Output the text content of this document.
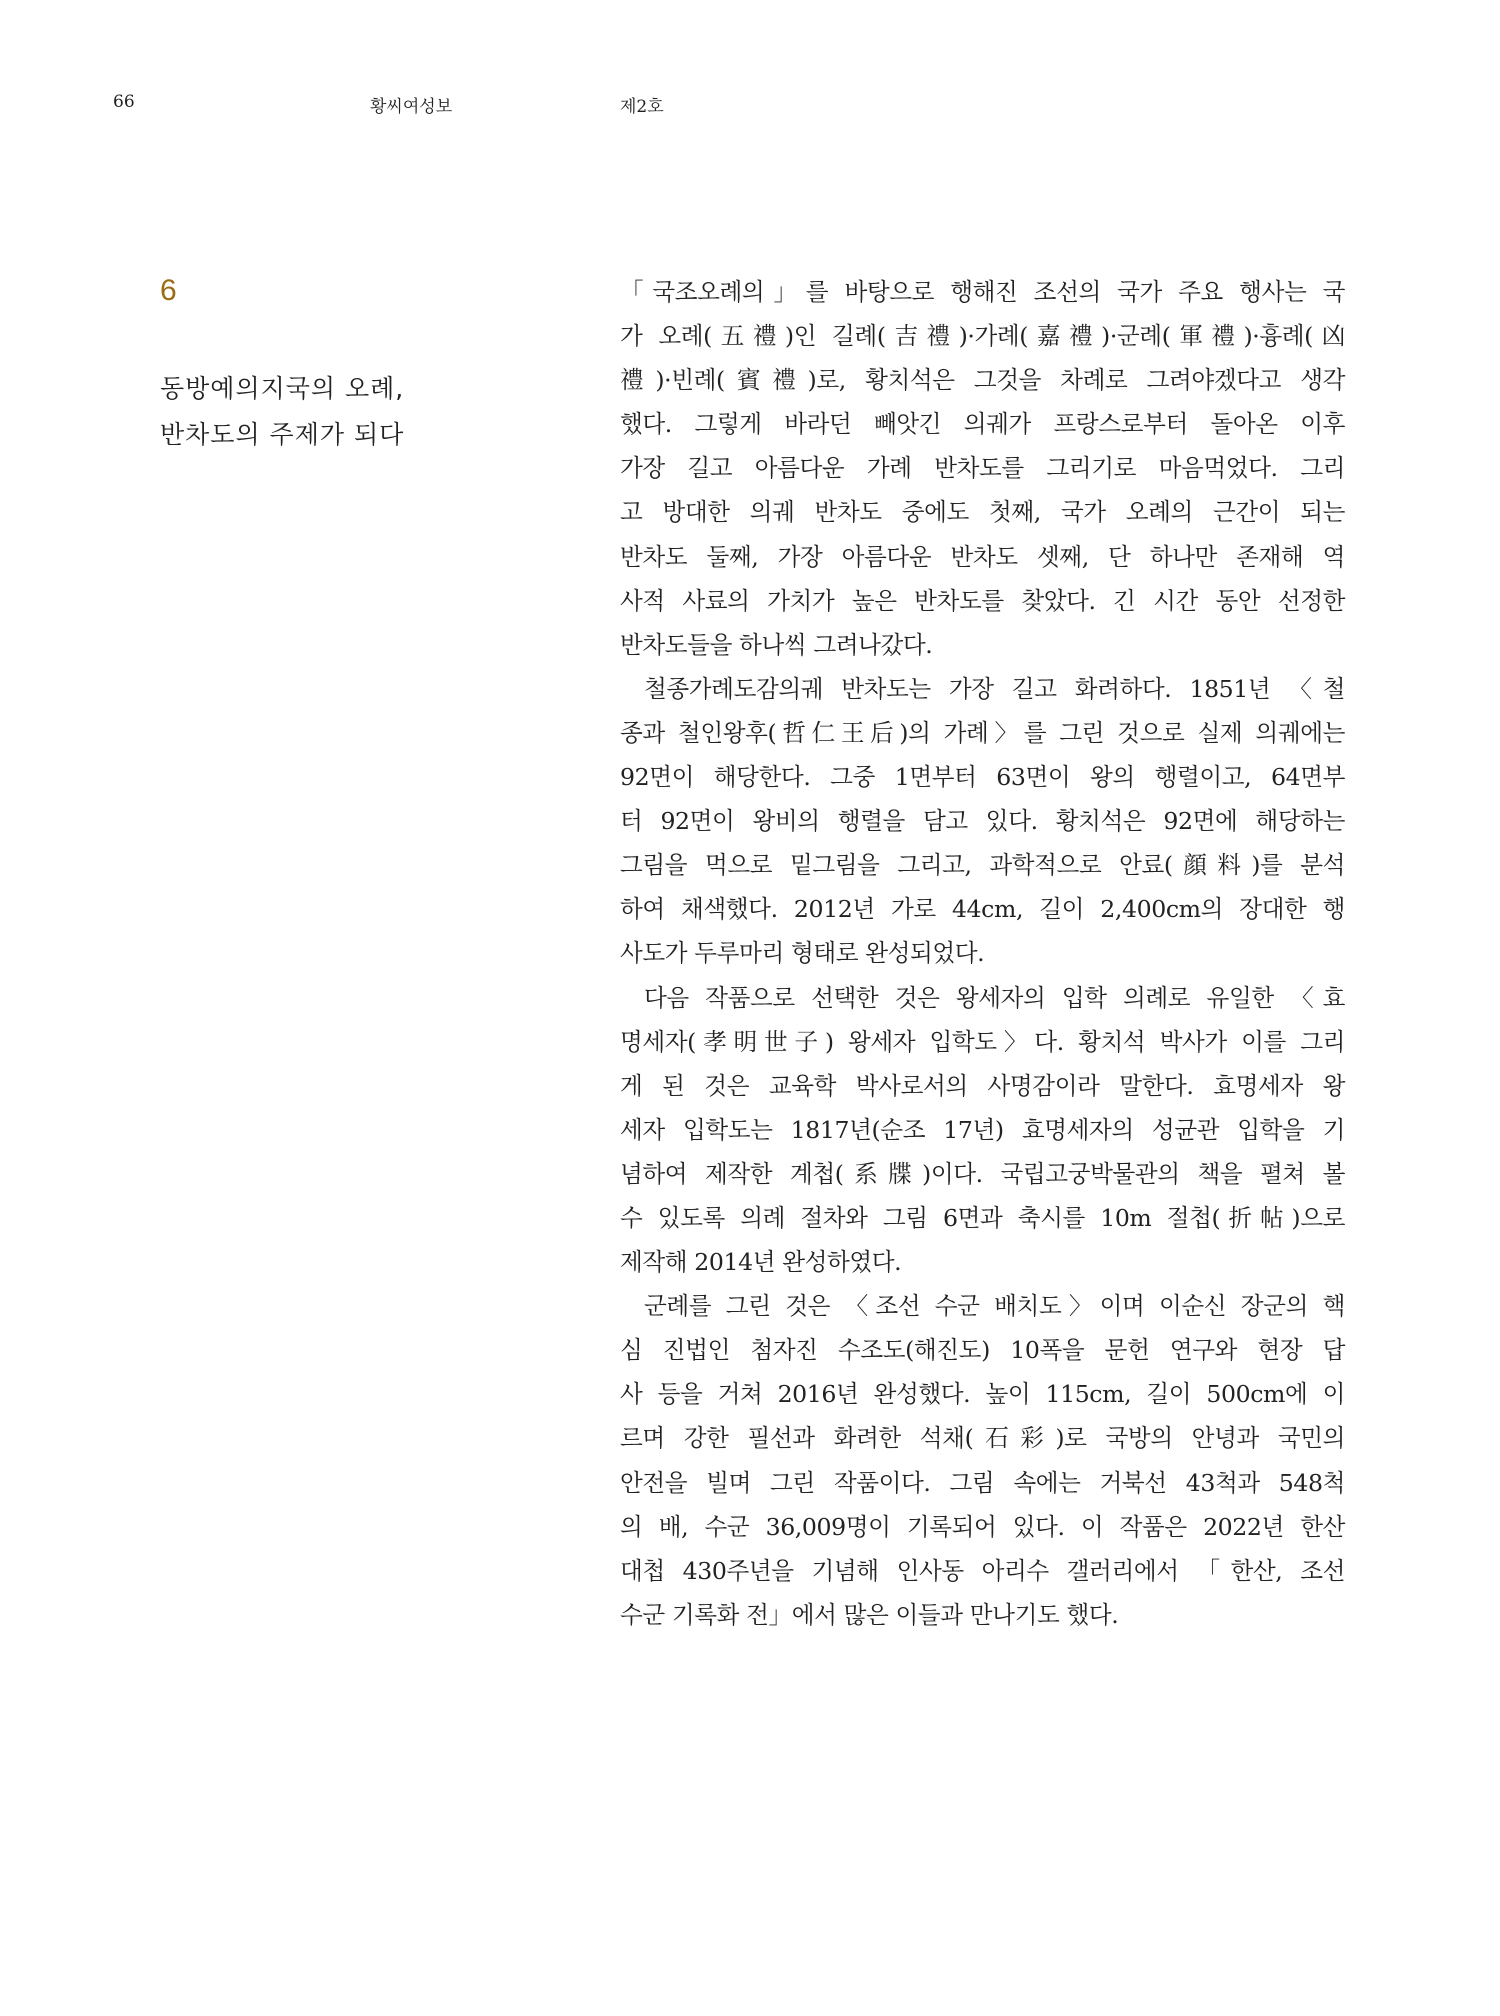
66	황씨여성보	제2호
6
동방예의지국의 오례,
반차도의 주제가 되다
「국조오례의」를 바탕으로 행해진 조선의 국가 주요 행사는 국
가 오례(五禮)인 길례(吉禮)·가례(嘉禮)·군례(軍禮)·흉례(凶
禮)·빈례(賓禮)로, 황치석은 그것을 차례로 그려야겠다고 생각
했다. 그렇게 바라던 빼앗긴 의궤가 프랑스로부터 돌아온 이후
가장 길고 아름다운 가례 반차도를 그리기로 마음먹었다. 그리
고 방대한 의궤 반차도 중에도 첫째, 국가 오례의 근간이 되는
반차도 둘째, 가장 아름다운 반차도 셋째, 단 하나만 존재해 역
사적 사료의 가치가 높은 반차도를 찾았다. 긴 시간 동안 선정한
반차도들을 하나씩 그려나갔다.
철종가례도감의궤 반차도는 가장 길고 화려하다. 1851년 〈철
종과 철인왕후(哲仁王后)의 가례〉를 그린 것으로 실제 의궤에는
92면이 해당한다. 그중 1면부터 63면이 왕의 행렬이고, 64면부
터 92면이 왕비의 행렬을 담고 있다. 황치석은 92면에 해당하는
그림을 먹으로 밑그림을 그리고, 과학적으로 안료(顔料)를 분석
하여 채색했다. 2012년 가로 44cm, 길이 2,400cm의 장대한 행
사도가 두루마리 형태로 완성되었다.
다음 작품으로 선택한 것은 왕세자의 입학 의례로 유일한 〈효
명세자(孝明世子) 왕세자 입학도〉다. 황치석 박사가 이를 그리
게 된 것은 교육학 박사로서의 사명감이라 말한다. 효명세자 왕
세자 입학도는 1817년(순조 17년) 효명세자의 성균관 입학을 기
념하여 제작한 계첩(系牒)이다. 국립고궁박물관의 책을 펼쳐 볼
수 있도록 의례 절차와 그림 6면과 축시를 10m 절첩(折帖)으로
제작해 2014년 완성하였다.
군례를 그린 것은 〈조선 수군 배치도〉이며 이순신 장군의 핵
심 진법인 첨자진 수조도(해진도) 10폭을 문헌 연구와 현장 답
사 등을 거쳐 2016년 완성했다. 높이 115cm, 길이 500cm에 이
르며 강한 필선과 화려한 석채(石彩)로 국방의 안녕과 국민의
안전을 빌며 그린 작품이다. 그림 속에는 거북선 43척과 548척
의 배, 수군 36,009명이 기록되어 있다. 이 작품은 2022년 한산
대첩 430주년을 기념해 인사동 아리수 갤러리에서 「한산, 조선
수군 기록화 전」에서 많은 이들과 만나기도 했다.
